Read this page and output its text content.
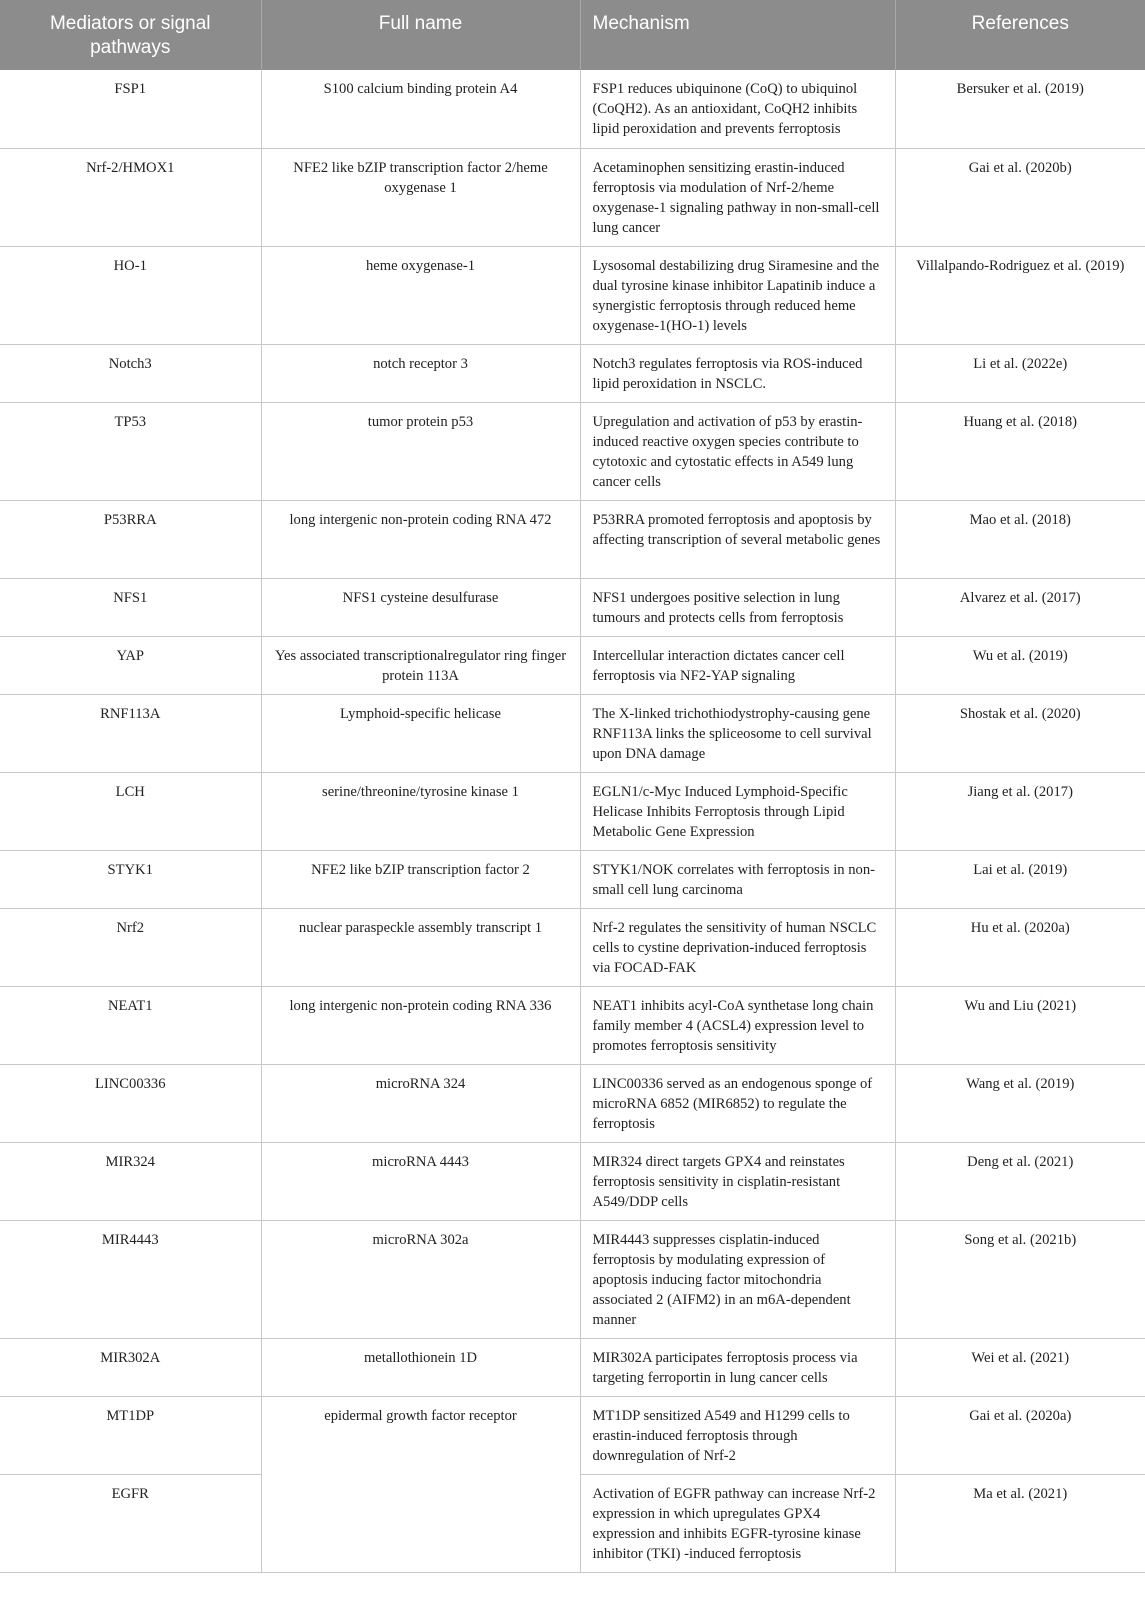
Mediators or signal pathways	Full name	Mechanism	References
FSP1	S100 calcium binding protein A4	FSP1 reduces ubiquinone (CoQ) to ubiquinol (CoQH2). As an antioxidant, CoQH2 inhibits lipid peroxidation and prevents ferroptosis	Bersuker et al. (2019)
Nrf-2/HMOX1	NFE2 like bZIP transcription factor 2/heme oxygenase 1	Acetaminophen sensitizing erastin-induced ferroptosis via modulation of Nrf-2/heme oxygenase-1 signaling pathway in non-small-cell lung cancer	Gai et al. (2020b)
HO-1	heme oxygenase-1	Lysosomal destabilizing drug Siramesine and the dual tyrosine kinase inhibitor Lapatinib induce a synergistic ferroptosis through reduced heme oxygenase-1(HO-1) levels	Villalpando-Rodriguez et al. (2019)
Notch3	notch receptor 3	Notch3 regulates ferroptosis via ROS-induced lipid peroxidation in NSCLC.	Li et al. (2022e)
TP53	tumor protein p53	Upregulation and activation of p53 by erastin-induced reactive oxygen species contribute to cytotoxic and cytostatic effects in A549 lung cancer cells	Huang et al. (2018)
P53RRA	long intergenic non-protein coding RNA 472	P53RRA promoted ferroptosis and apoptosis by affecting transcription of several metabolic genes	Mao et al. (2018)
NFS1	NFS1 cysteine desulfurase	NFS1 undergoes positive selection in lung tumours and protects cells from ferroptosis	Alvarez et al. (2017)
YAP	Yes associated transcriptionalregulator ring finger protein 113A	Intercellular interaction dictates cancer cell ferroptosis via NF2-YAP signaling	Wu et al. (2019)
RNF113A	Lymphoid-specific helicase	The X-linked trichothiodystrophy-causing gene RNF113A links the spliceosome to cell survival upon DNA damage	Shostak et al. (2020)
LCH	serine/threonine/tyrosine kinase 1	EGLN1/c-Myc Induced Lymphoid-Specific Helicase Inhibits Ferroptosis through Lipid Metabolic Gene Expression	Jiang et al. (2017)
STYK1	NFE2 like bZIP transcription factor 2	STYK1/NOK correlates with ferroptosis in non-small cell lung carcinoma	Lai et al. (2019)
Nrf2	nuclear paraspeckle assembly transcript 1	Nrf-2 regulates the sensitivity of human NSCLC cells to cystine deprivation-induced ferroptosis via FOCAD-FAK	Hu et al. (2020a)
NEAT1	long intergenic non-protein coding RNA 336	NEAT1 inhibits acyl-CoA synthetase long chain family member 4 (ACSL4) expression level to promotes ferroptosis sensitivity	Wu and Liu (2021)
LINC00336	microRNA 324	LINC00336 served as an endogenous sponge of microRNA 6852 (MIR6852) to regulate the ferroptosis	Wang et al. (2019)
MIR324	microRNA 4443	MIR324 direct targets GPX4 and reinstates ferroptosis sensitivity in cisplatin-resistant A549/DDP cells	Deng et al. (2021)
MIR4443	microRNA 302a	MIR4443 suppresses cisplatin-induced ferroptosis by modulating expression of apoptosis inducing factor mitochondria associated 2 (AIFM2) in an m6A-dependent manner	Song et al. (2021b)
MIR302A	metallothionein 1D	MIR302A participates ferroptosis process via targeting ferroportin in lung cancer cells	Wei et al. (2021)
MT1DP	epidermal growth factor receptor	MT1DP sensitized A549 and H1299 cells to erastin-induced ferroptosis through downregulation of Nrf-2	Gai et al. (2020a)
EGFR		Activation of EGFR pathway can increase Nrf-2 expression in which upregulates GPX4 expression and inhibits EGFR-tyrosine kinase inhibitor (TKI) -induced ferroptosis	Ma et al. (2021)
